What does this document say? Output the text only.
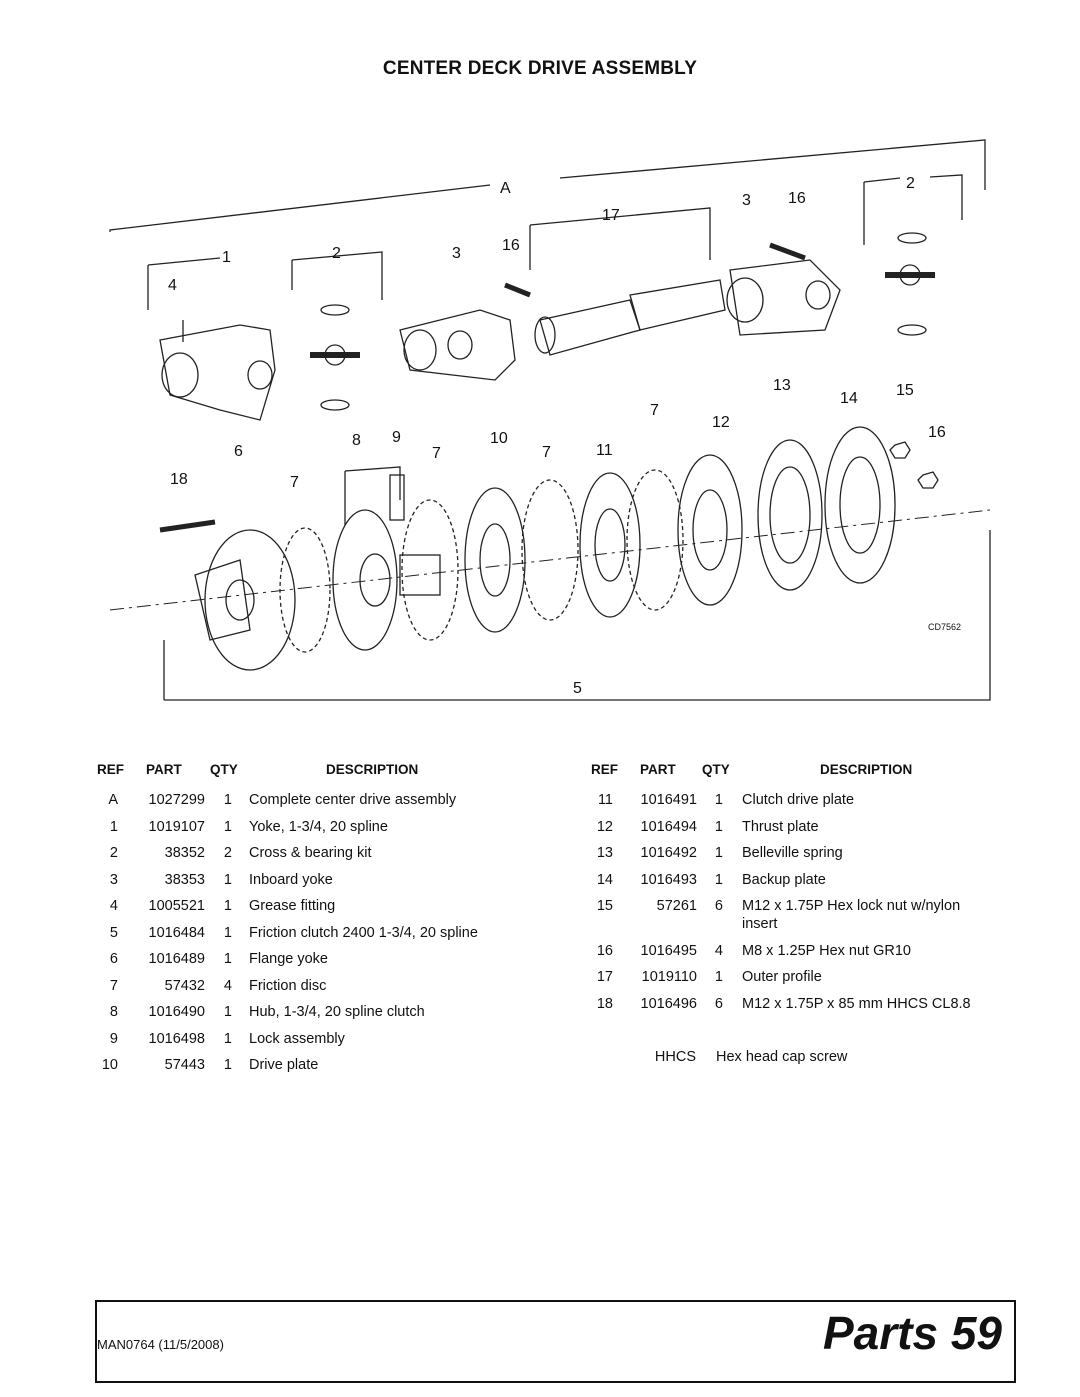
CENTER DECK DRIVE ASSEMBLY
A
1	2	3	16
17
3 16
2
4
13
14 15
7
12
16
6
8 9
7
10
7	11
18	7
5
CD7562
REF PART QTY	DESCRIPTION
A	1027299	1 Complete center drive assembly
1	1019107	1 Yoke, 1-3/4, 20 spline
2	38352	2 Cross & bearing kit
3	38353	1 Inboard yoke
4	1005521	1 Grease fitting
5	1016484	1 Friction clutch 2400 1-3/4, 20 spline
6	1016489	1 Flange yoke
7	57432	4 Friction disc
8	1016490	1 Hub, 1-3/4, 20 spline clutch
9	1016498	1 Lock assembly
10	57443	1 Drive plate
REF PART QTY	DESCRIPTION
11	1016491	1 Clutch drive plate
12	1016494	1 Thrust plate
13	1016492	1 Belleville spring
14	1016493	1 Backup plate
15	57261	6 M12 x 1.75P Hex lock nut w/nylon
insert
16	1016495	4 M8 x 1.25P Hex nut GR10
17	1019110	1 Outer profile
18	1016496	6 M12 x 1.75P x 85 mm HHCS CL8.8
HHCS Hex head cap screw
MAN0764 (11/5/2008)	Parts 59
